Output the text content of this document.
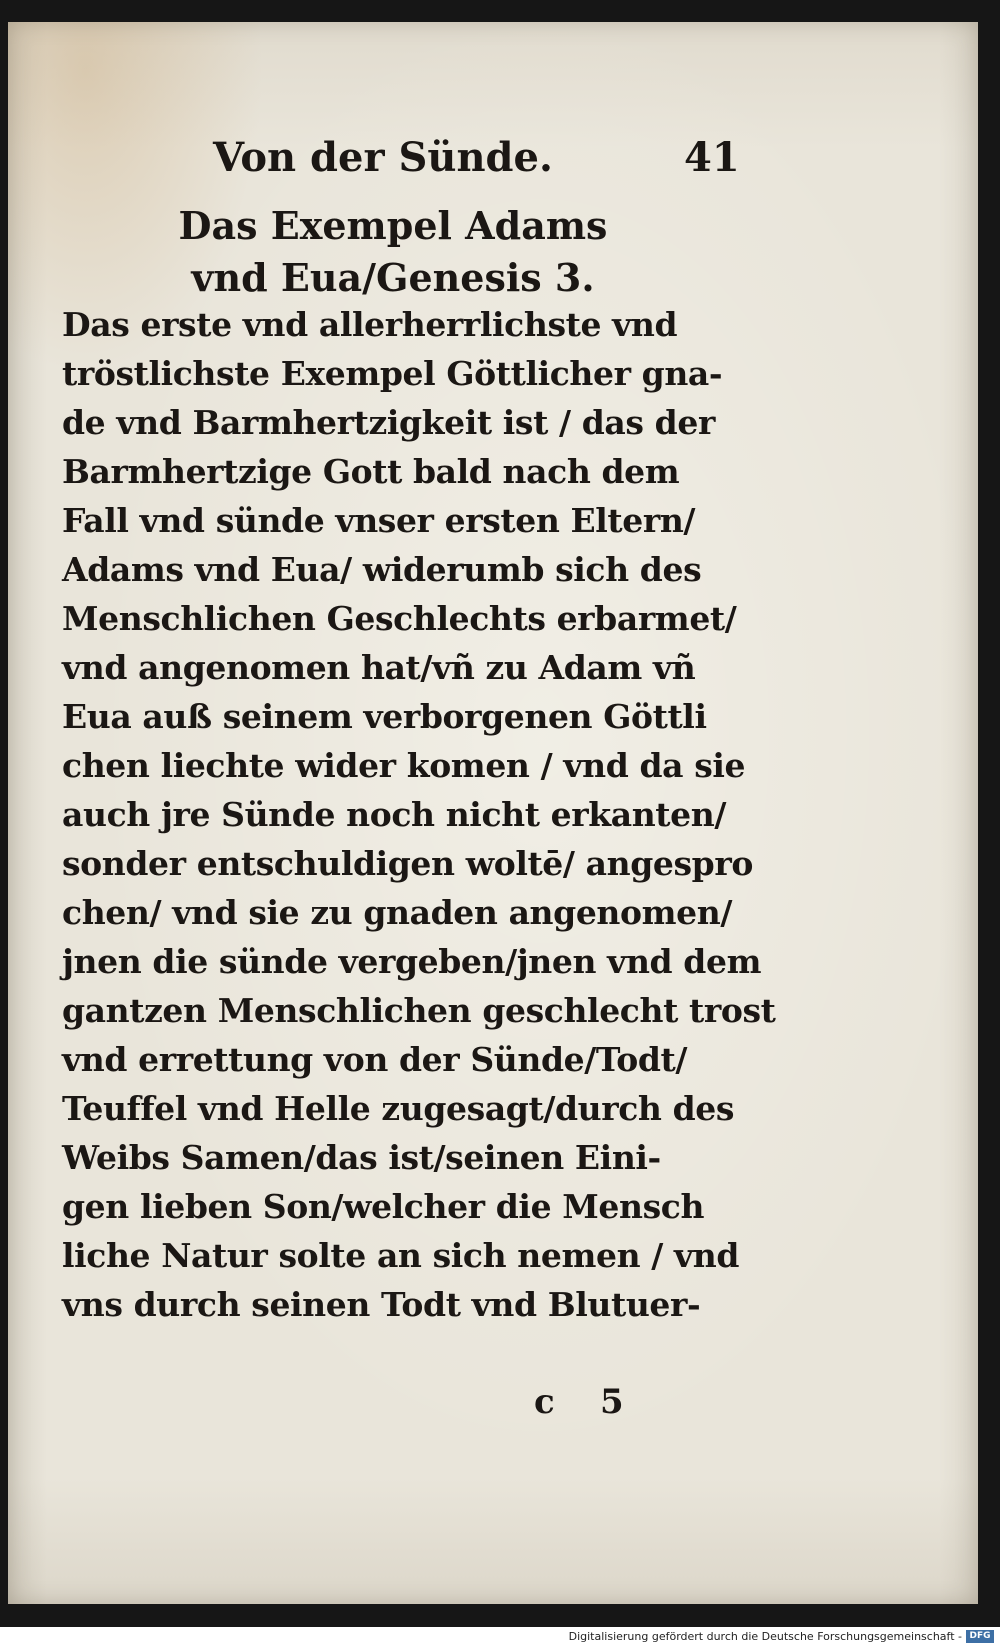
Von der Sünde.	41
Das Exempel Adams
vnd Eua/Genesis 3.
Das erste vnd allerherrlichste vnd
tröstlichste Exempel Göttlicher gna-
de vnd Barmhertzigkeit ist / das der
Barmhertzige Gott bald nach dem
Fall vnd sünde vnser ersten Eltern/
Adams vnd Eua/ widerumb sich des
Menschlichen Geschlechts erbarmet/
vnd angenomen hat/vñ zu Adam vñ
Eua auß seinem verborgenen Göttli
chen liechte wider komen / vnd da sie
auch jre Sünde noch nicht erkanten/
sonder entschuldigen woltē/ angespro
chen/ vnd sie zu gnaden angenomen/
jnen die sünde vergeben/jnen vnd dem
gantzen Menschlichen geschlecht trost
vnd errettung von der Sünde/Todt/
Teuffel vnd Helle zugesagt/durch des
Weibs Samen/das ist/seinen Eini-
gen lieben Son/welcher die Mensch
liche Natur solte an sich nemen / vnd
vns durch seinen Todt vnd Blutuer-
c 5
Digitalisierung gefördert durch die Deutsche Forschungsgemeinschaft - DFG
